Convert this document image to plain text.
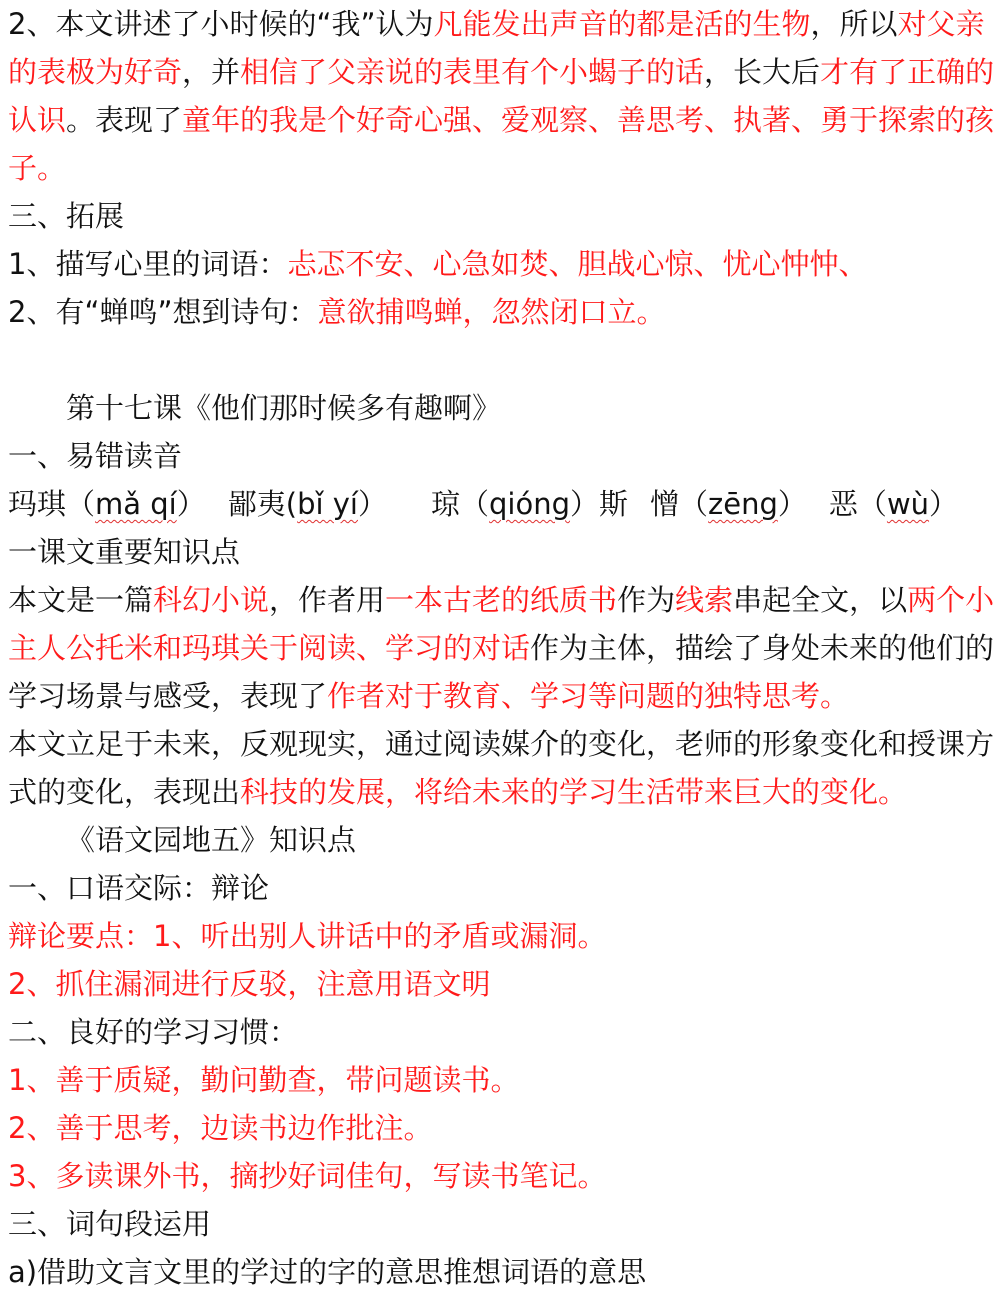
2、本文讲述了小时候的“我”认为凡能发出声音的都是活的生物，所以对父亲的表极为好奇，并相信了父亲说的表里有个小蝎子的话，长大后才有了正确的认识。表现了童年的我是个好奇心强、爱观察、善思考、执著、勇于探索的孩子。
三、拓展
1、描写心里的词语：忐忑不安、心急如焚、胆战心惊、忧心忡忡、
2、有“蝉鸣”想到诗句：意欲捕鸣蝉，忽然闭口立。
第十七课《他们那时候多有趣啊》
一、易错读音
玛琪（mǎ qí） 鄙夷(bǐ yí） 琼（qióng）斯 憎（zēng） 恶（wù）
一课文重要知识点
本文是一篇科幻小说，作者用一本古老的纸质书作为线索串起全文，以两个小主人公托米和玛琪关于阅读、学习的对话作为主体，描绘了身处未来的他们的学习场景与感受，表现了作者对于教育、学习等问题的独特思考。
本文立足于未来，反观现实，通过阅读媒介的变化，老师的形象变化和授课方式的变化，表现出科技的发展，将给未来的学习生活带来巨大的变化。
《语文园地五》知识点
一、口语交际：辩论
辩论要点：1、听出别人讲话中的矛盾或漏洞。
2、抓住漏洞进行反驳，注意用语文明
二、良好的学习习惯：
1、善于质疑，勤问勤查，带问题读书。
2、善于思考，边读书边作批注。
3、多读课外书，摘抄好词佳句，写读书笔记。
三、词句段运用
a)借助文言文里的学过的字的意思推想词语的意思
